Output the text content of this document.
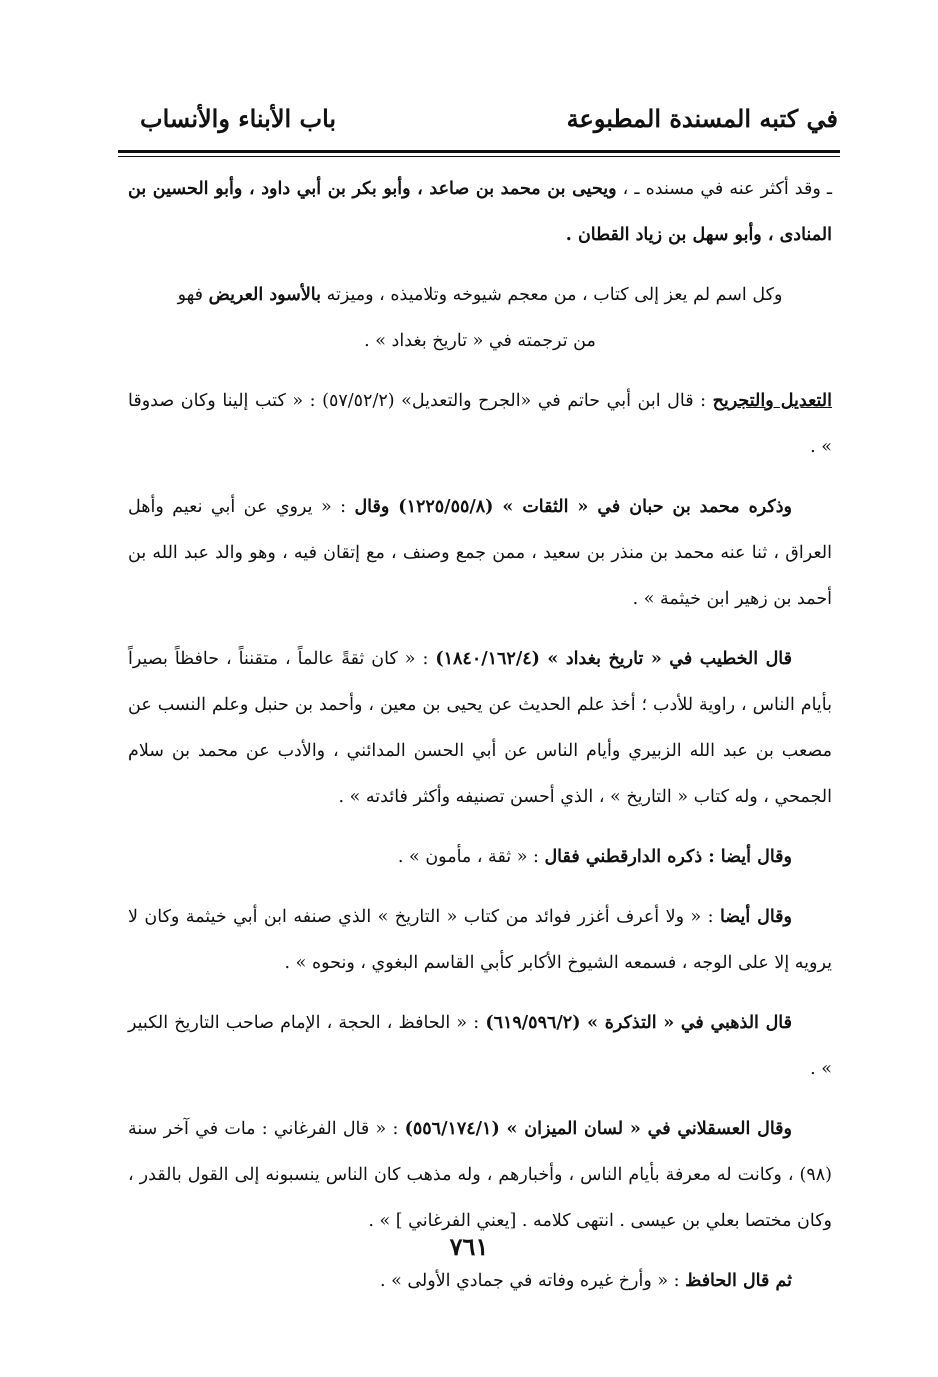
في كتبه المسندة المطبوعة
باب الأبناء والأنساب

ـ وقد أكثر عنه في مسنده ـ ، ويحيى بن محمد بن صاعد ، وأبو بكر بن أبي داود ، وأبو الحسين بن المنادى ، وأبو سهل بن زياد القطان .

وكل اسم لم يعز إلى كتاب ، من معجم شيوخه وتلاميذه ، وميزته بالأسود العريض فهو من ترجمته في « تاريخ بغداد » .

التعديل والتجريح : قال ابن أبي حاتم في «الجرح والتعديل» (٥٧/٥٢/٢) : « كتب إلينا وكان صدوقا » .

وذكره محمد بن حبان في « الثقات » (١٢٢٥/٥٥/٨) وقال : « يروي عن أبي نعيم وأهل العراق ، ثنا عنه محمد بن منذر بن سعيد ، ممن جمع وصنف ، مع إتقان فيه ، وهو والد عبد الله بن أحمد بن زهير ابن خيثمة » .

قال الخطيب في « تاريخ بغداد » (١٨٤٠/١٦٢/٤) : « كان ثقةً عالماً ، متقنناً ، حافظاً بصيراً بأيام الناس ، راوية للأدب ؛ أخذ علم الحديث عن يحيى بن معين ، وأحمد بن حنبل وعلم النسب عن مصعب بن عبد الله الزبيري وأيام الناس عن أبي الحسن المدائني ، والأدب عن محمد بن سلام الجمحي ، وله كتاب « التاريخ » ، الذي أحسن تصنيفه وأكثر فائدته » .

وقال أيضا : ذكره الدارقطني فقال : « ثقة ، مأمون » .

وقال أيضا : « ولا أعرف أغزر فوائد من كتاب « التاريخ » الذي صنفه ابن أبي خيثمة وكان لا يرويه إلا على الوجه ، فسمعه الشيوخ الأكابر كأبي القاسم البغوي ، ونحوه » .

قال الذهبي في « التذكرة » (٦١٩/٥٩٦/٢) : « الحافظ ، الحجة ، الإمام صاحب التاريخ الكبير » .

وقال العسقلاني في « لسان الميزان » (٥٥٦/١٧٤/١) : « قال الفرغاني : مات في آخر سنة (٩٨) ، وكانت له معرفة بأيام الناس ، وأخبارهم ، وله مذهب كان الناس ينسبونه إلى القول بالقدر ، وكان مختصا بعلي بن عيسى . انتهى كلامه . [يعني الفرغاني ] » .

ثم قال الحافظ : « وأرخ غيره وفاته في جمادي الأولى » .

٧٦١
